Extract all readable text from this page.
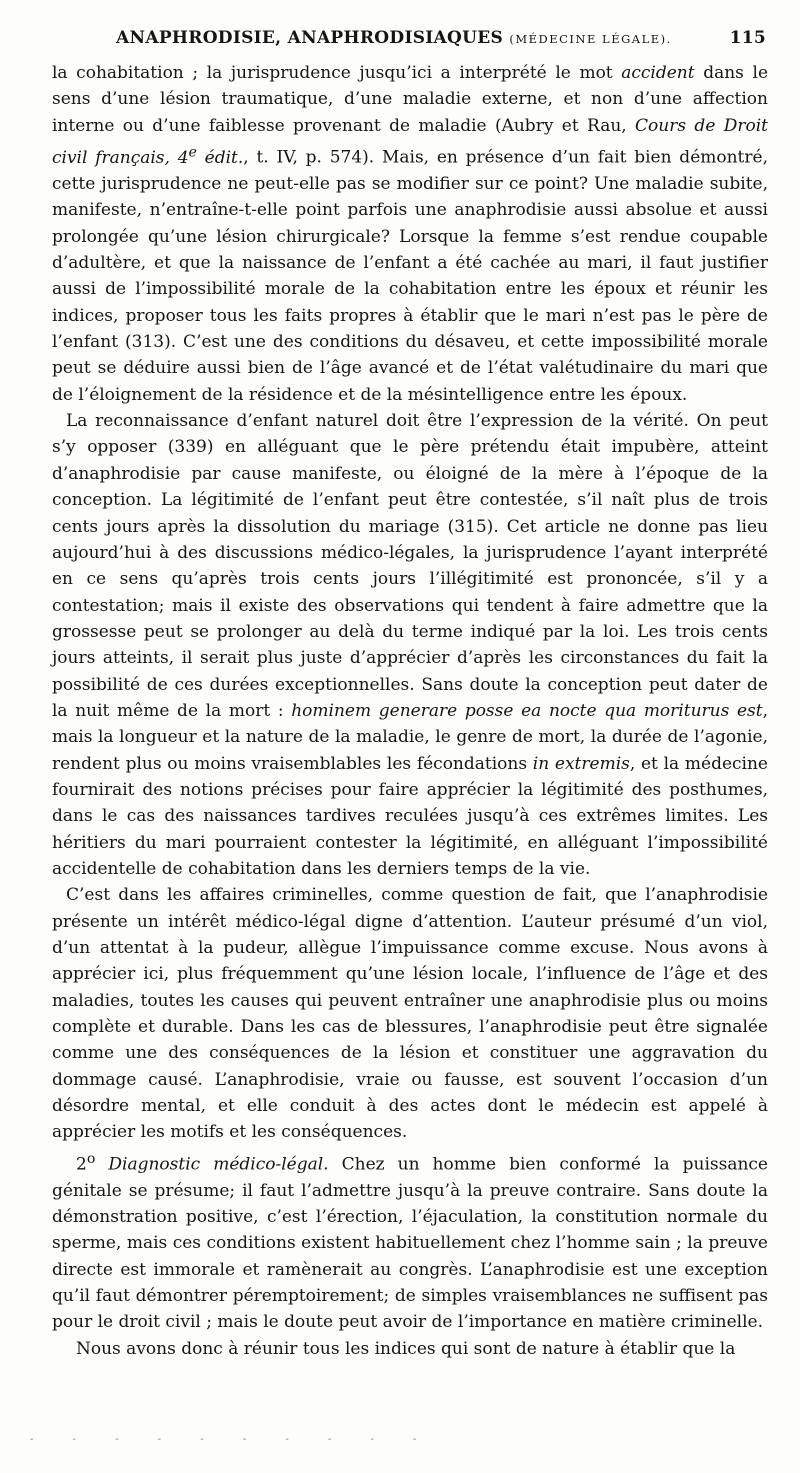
ANAPHRODISIE, ANAPHRODISIAQUES (MÉDECINE LÉGALE).	115

la cohabitation ; la jurisprudence jusqu’ici a interprété le mot accident dans le sens d’une lésion traumatique, d’une maladie externe, et non d’une affection interne ou d’une faiblesse provenant de maladie (Aubry et Rau, Cours de Droit civil français, 4e édit., t. IV, p. 574). Mais, en présence d’un fait bien démontré, cette jurisprudence ne peut-elle pas se modifier sur ce point? Une maladie subite, manifeste, n’entraîne-t-elle point parfois une anaphrodisie aussi absolue et aussi prolongée qu’une lésion chirurgicale? Lorsque la femme s’est rendue coupable d’adultère, et que la naissance de l’enfant a été cachée au mari, il faut justifier aussi de l’impossibilité morale de la cohabitation entre les époux et réunir les indices, proposer tous les faits propres à établir que le mari n’est pas le père de l’enfant (313). C’est une des conditions du désaveu, et cette impossibilité morale peut se déduire aussi bien de l’âge avancé et de l’état valétudinaire du mari que de l’éloignement de la résidence et de la mésintelligence entre les époux.

La reconnaissance d’enfant naturel doit être l’expression de la vérité. On peut s’y opposer (339) en alléguant que le père prétendu était impubère, atteint d’anaphrodisie par cause manifeste, ou éloigné de la mère à l’époque de la conception. La légitimité de l’enfant peut être contestée, s’il naît plus de trois cents jours après la dissolution du mariage (315). Cet article ne donne pas lieu aujourd’hui à des discussions médico-légales, la jurisprudence l’ayant interprété en ce sens qu’après trois cents jours l’illégitimité est prononcée, s’il y a contestation; mais il existe des observations qui tendent à faire admettre que la grossesse peut se prolonger au delà du terme indiqué par la loi. Les trois cents jours atteints, il serait plus juste d’apprécier d’après les circonstances du fait la possibilité de ces durées exceptionnelles. Sans doute la conception peut dater de la nuit même de la mort : hominem generare posse ea nocte qua moriturus est, mais la longueur et la nature de la maladie, le genre de mort, la durée de l’agonie, rendent plus ou moins vraisemblables les fécondations in extremis, et la médecine fournirait des notions précises pour faire apprécier la légitimité des posthumes, dans le cas des naissances tardives reculées jusqu’à ces extrêmes limites. Les héritiers du mari pourraient contester la légitimité, en alléguant l’impossibilité accidentelle de cohabitation dans les derniers temps de la vie.

C’est dans les affaires criminelles, comme question de fait, que l’anaphrodisie présente un intérêt médico-légal digne d’attention. L’auteur présumé d’un viol, d’un attentat à la pudeur, allègue l’impuissance comme excuse. Nous avons à apprécier ici, plus fréquemment qu’une lésion locale, l’influence de l’âge et des maladies, toutes les causes qui peuvent entraîner une anaphrodisie plus ou moins complète et durable. Dans les cas de blessures, l’anaphrodisie peut être signalée comme une des conséquences de la lésion et constituer une aggravation du dommage causé. L’anaphrodisie, vraie ou fausse, est souvent l’occasion d’un désordre mental, et elle conduit à des actes dont le médecin est appelé à apprécier les motifs et les conséquences.

2$^o$ Diagnostic médico-légal. Chez un homme bien conformé la puissance génitale se présume; il faut l’admettre jusqu’à la preuve contraire. Sans doute la démonstration positive, c’est l’érection, l’éjaculation, la constitution normale du sperme, mais ces conditions existent habituellement chez l’homme sain ; la preuve directe est immorale et ramènerait au congrès. L’anaphrodisie est une exception qu’il faut démontrer péremptoirement; de simples vraisemblances ne suffisent pas pour le droit civil ; mais le doute peut avoir de l’importance en matière criminelle.

Nous avons donc à réunir tous les indices qui sont de nature à établir que la

- - - - - - - - - -
